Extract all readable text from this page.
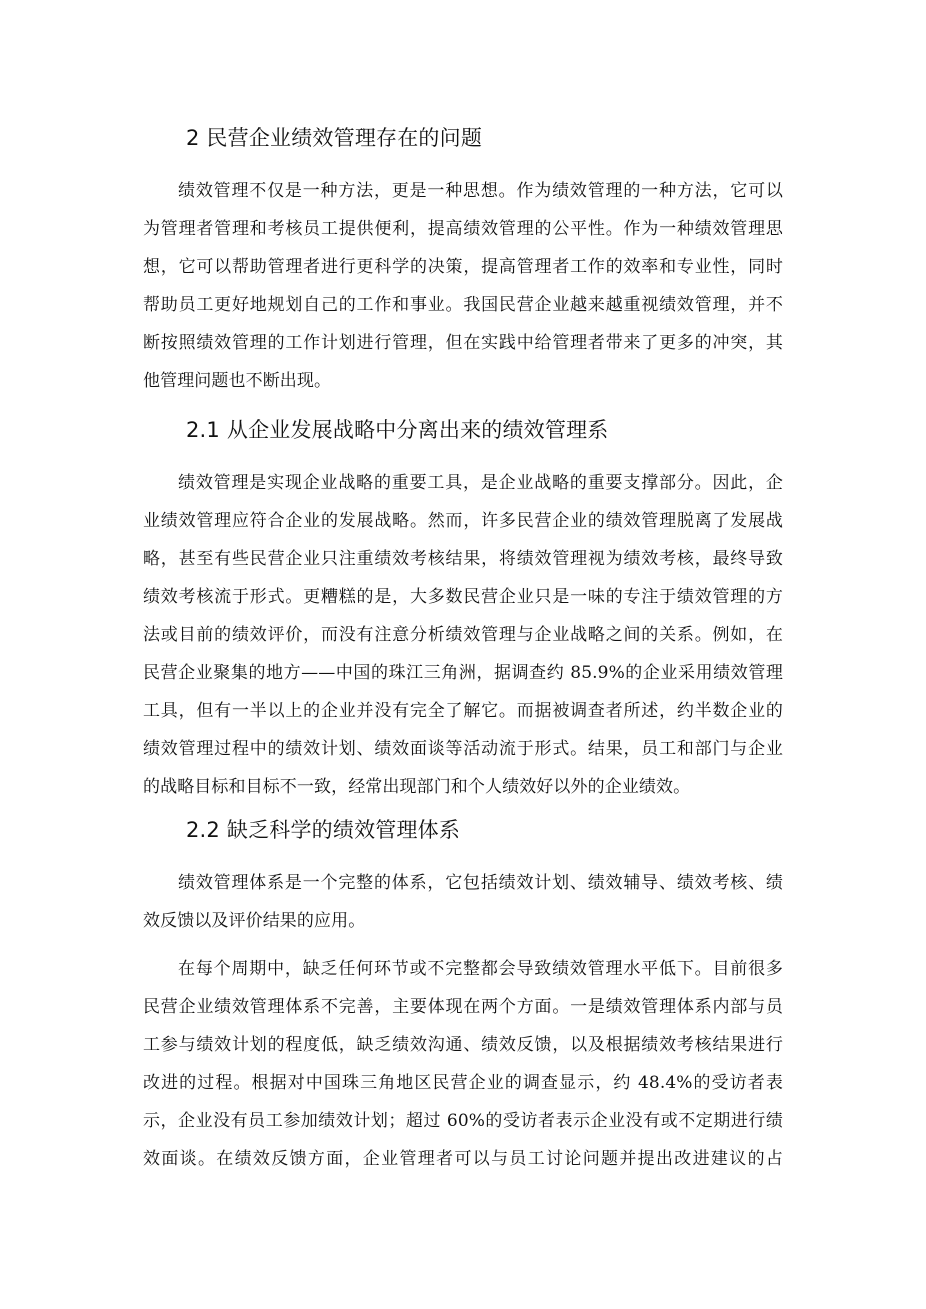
2 民营企业绩效管理存在的问题
绩效管理不仅是一种方法，更是一种思想。作为绩效管理的一种方法，它可以
为管理者管理和考核员工提供便利，提高绩效管理的公平性。作为一种绩效管理思
想，它可以帮助管理者进行更科学的决策，提高管理者工作的效率和专业性，同时
帮助员工更好地规划自己的工作和事业。我国民营企业越来越重视绩效管理，并不
断按照绩效管理的工作计划进行管理，但在实践中给管理者带来了更多的冲突，其
他管理问题也不断出现。
2.1 从企业发展战略中分离出来的绩效管理系
绩效管理是实现企业战略的重要工具，是企业战略的重要支撑部分。因此，企
业绩效管理应符合企业的发展战略。然而，许多民营企业的绩效管理脱离了发展战
略，甚至有些民营企业只注重绩效考核结果，将绩效管理视为绩效考核，最终导致
绩效考核流于形式。更糟糕的是，大多数民营企业只是一味的专注于绩效管理的方
法或目前的绩效评价，而没有注意分析绩效管理与企业战略之间的关系。例如，在
民营企业聚集的地方——中国的珠江三角洲，据调查约 85.9%的企业采用绩效管理
工具，但有一半以上的企业并没有完全了解它。而据被调查者所述，约半数企业的
绩效管理过程中的绩效计划、绩效面谈等活动流于形式。结果，员工和部门与企业
的战略目标和目标不一致，经常出现部门和个人绩效好以外的企业绩效。
2.2 缺乏科学的绩效管理体系
绩效管理体系是一个完整的体系，它包括绩效计划、绩效辅导、绩效考核、绩
效反馈以及评价结果的应用。
在每个周期中，缺乏任何环节或不完整都会导致绩效管理水平低下。目前很多
民营企业绩效管理体系不完善，主要体现在两个方面。一是绩效管理体系内部与员
工参与绩效计划的程度低，缺乏绩效沟通、绩效反馈，以及根据绩效考核结果进行
改进的过程。根据对中国珠三角地区民营企业的调查显示，约 48.4%的受访者表
示，企业没有员工参加绩效计划；超过 60%的受访者表示企业没有或不定期进行绩
效面谈。在绩效反馈方面，企业管理者可以与员工讨论问题并提出改进建议的占
